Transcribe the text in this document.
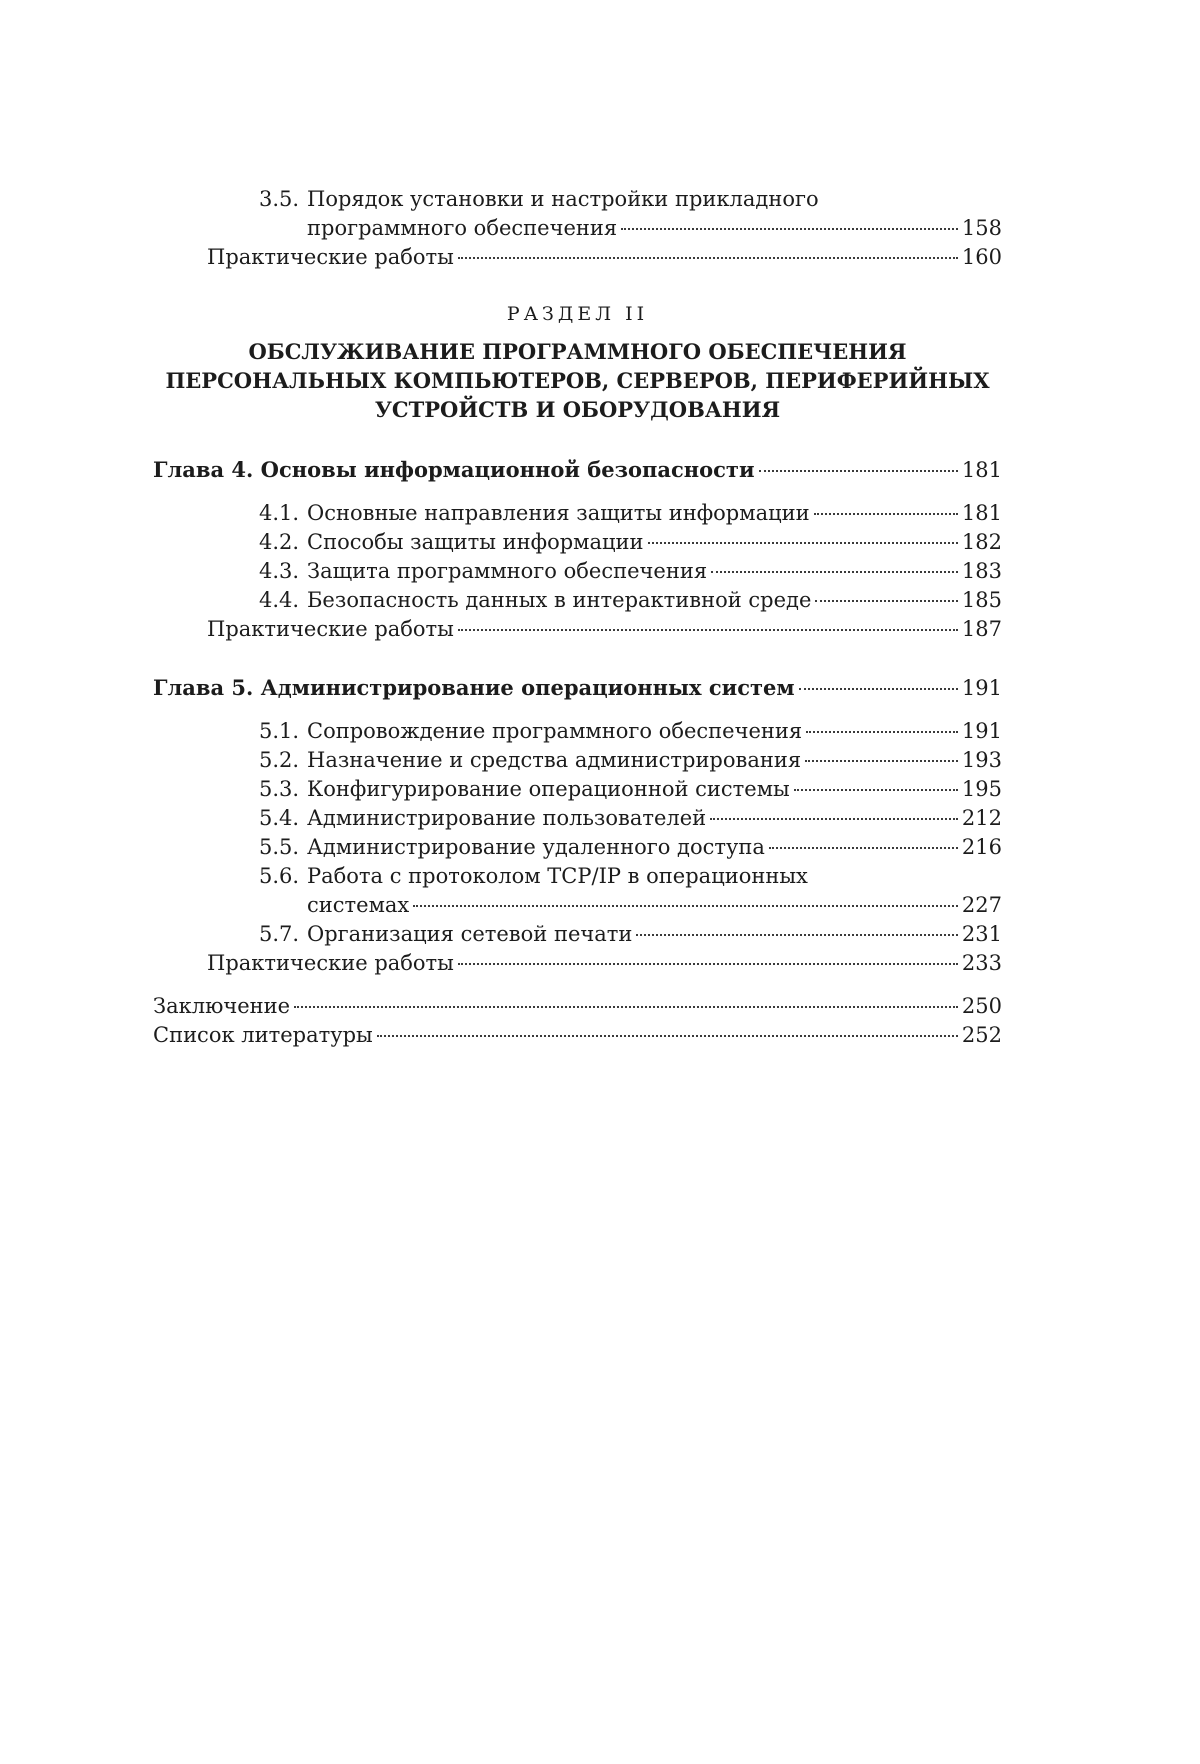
3.5. Порядок установки и настройки прикладного
программного обеспечения	158
Практические работы	160
РАЗДЕЛ II
ОБСЛУЖИВАНИЕ ПРОГРАММНОГО ОБЕСПЕЧЕНИЯ
ПЕРСОНАЛЬНЫХ КОМПЬЮТЕРОВ, СЕРВЕРОВ, ПЕРИФЕРИЙНЫХ
УСТРОЙСТВ И ОБОРУДОВАНИЯ
Глава 4. Основы информационной безопасности	181
4.1. Основные направления защиты информации	181
4.2. Способы защиты информации	182
4.3. Защита программного обеспечения	183
4.4. Безопасность данных в интерактивной среде	185
Практические работы	187
Глава 5. Администрирование операционных систем	191
5.1. Сопровождение программного обеспечения	191
5.2. Назначение и средства администрирования	193
5.3. Конфигурирование операционной системы	195
5.4. Администрирование пользователей	212
5.5. Администрирование удаленного доступа	216
5.6. Работа с протоколом TCP/IP в операционных
системах	227
5.7. Организация сетевой печати	231
Практические работы	233
Заключение	250
Список литературы	252
